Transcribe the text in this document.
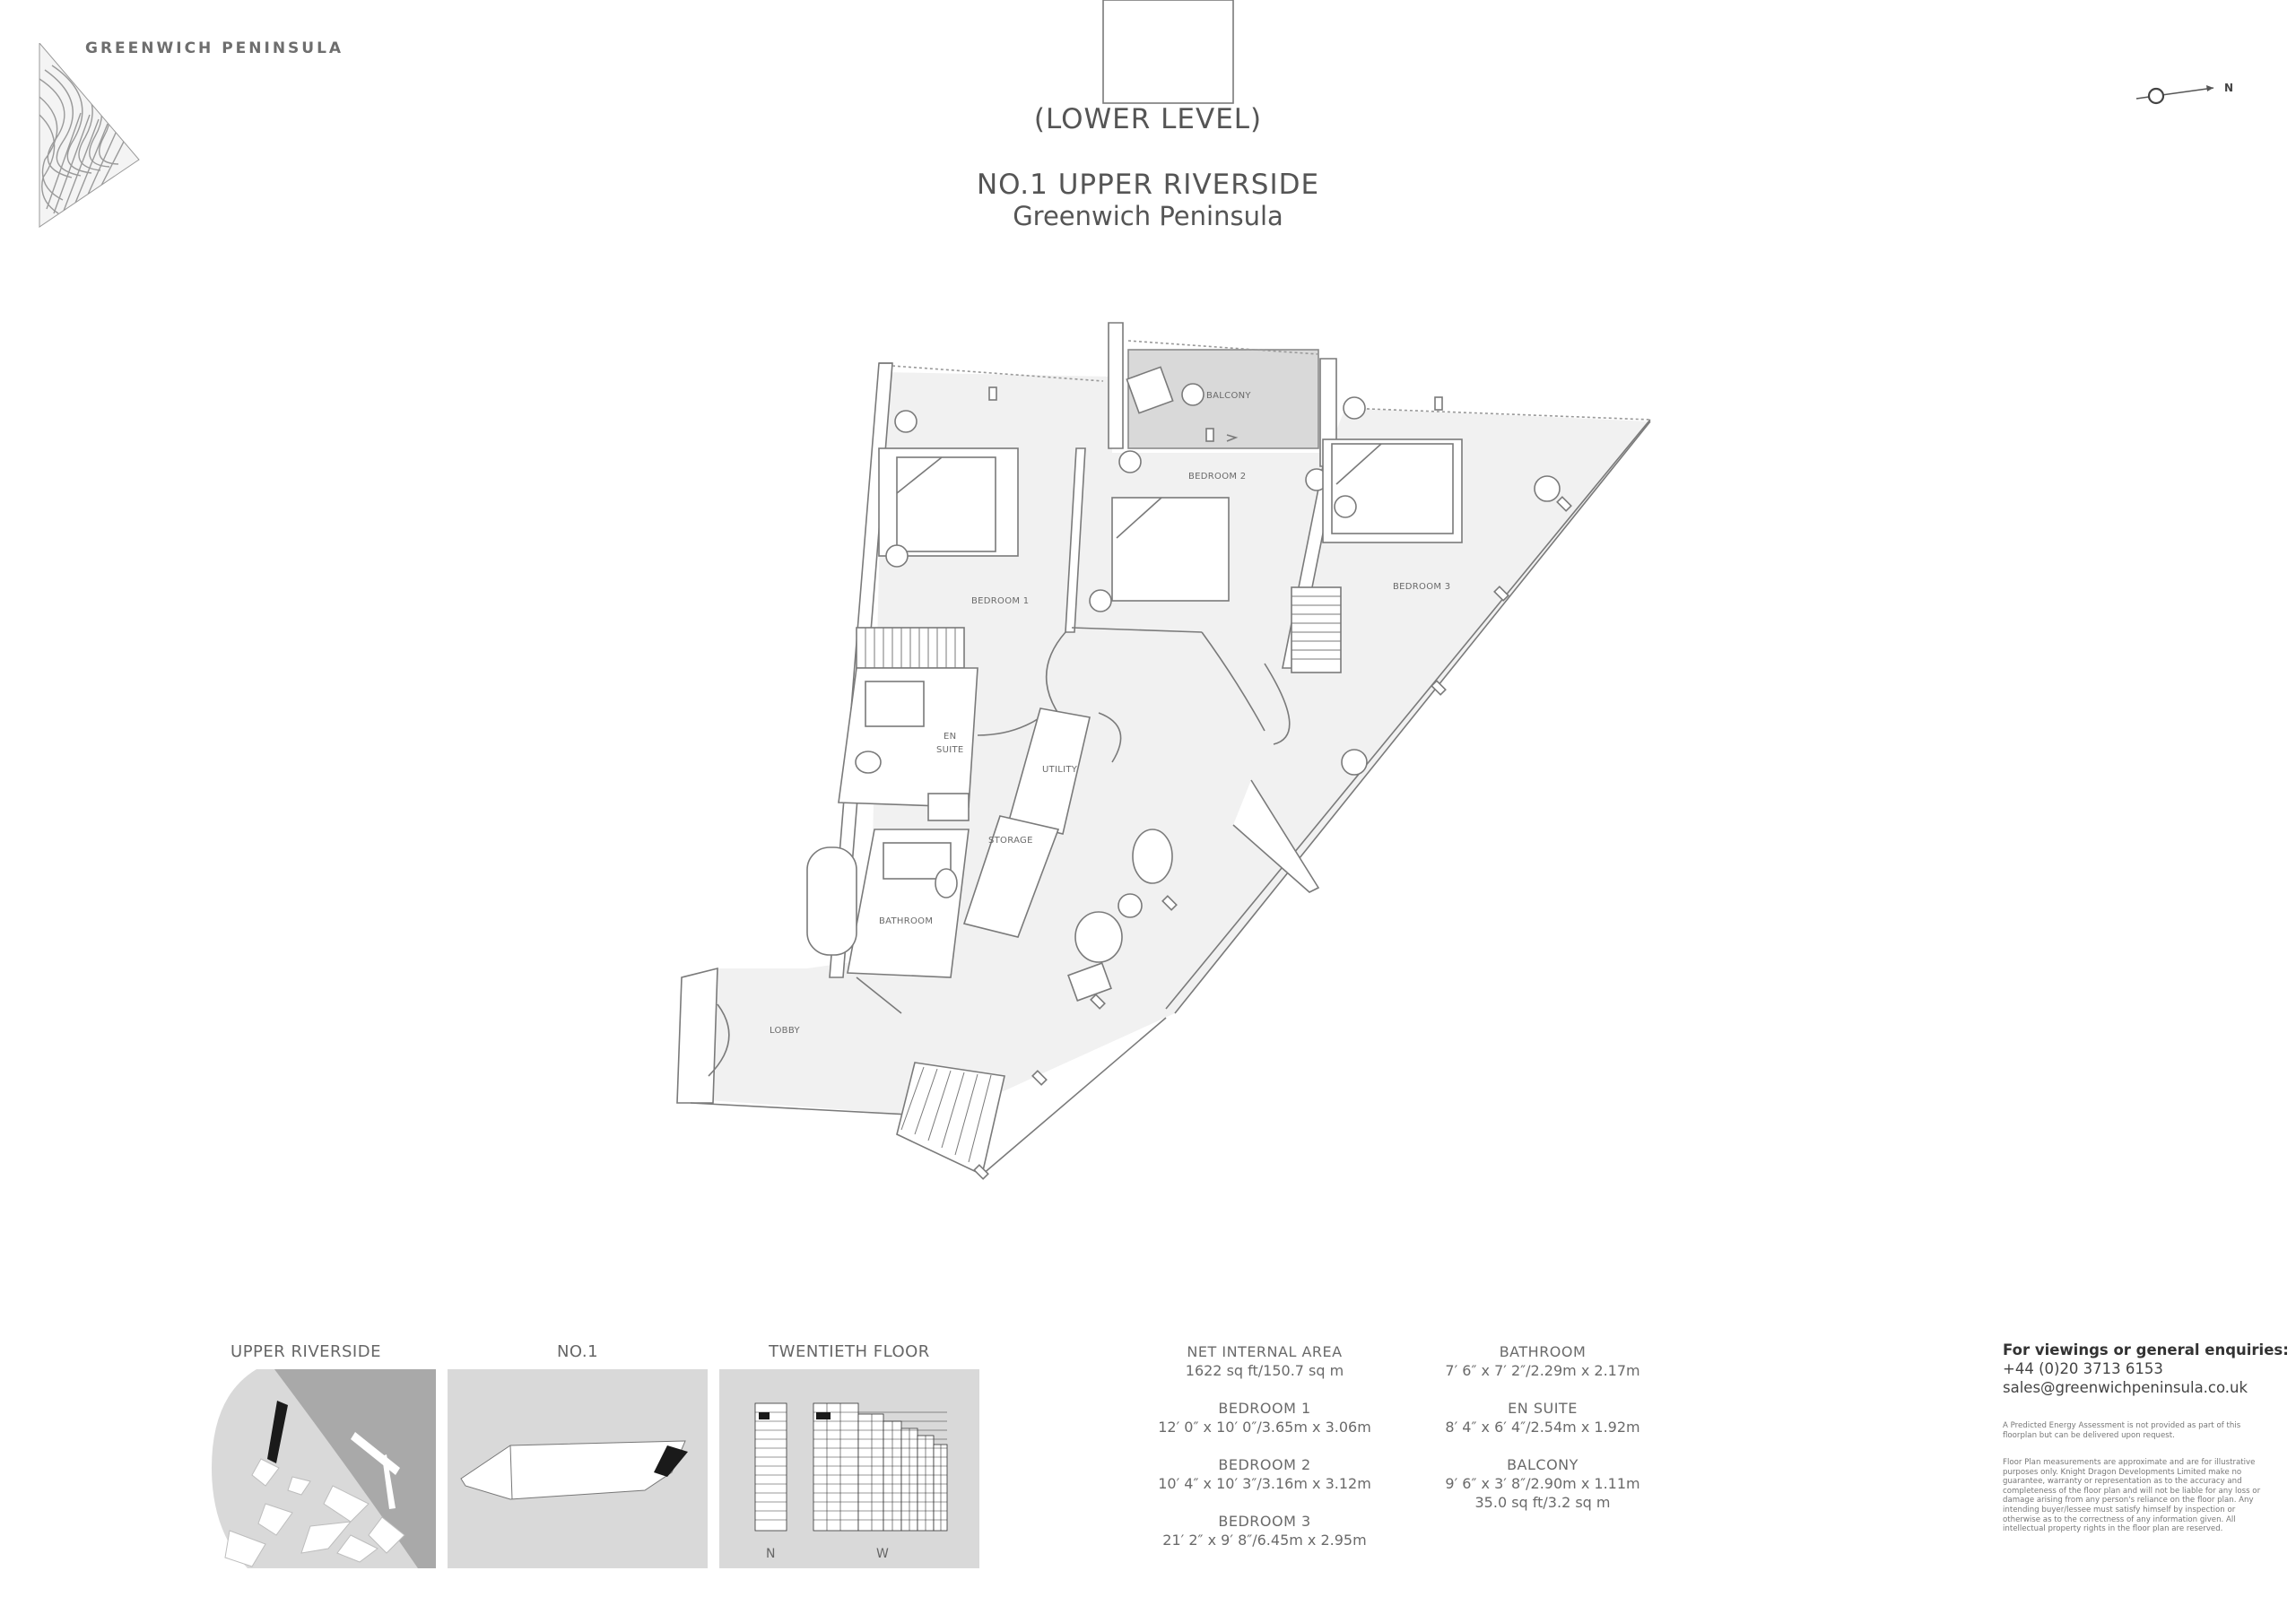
GREENWICH PENINSULA
N
(LOWER LEVEL)
NO.1 UPPER RIVERSIDE
Greenwich Peninsula
BALCONY
BEDROOM 2
BEDROOM 1
BEDROOM 3
EN
SUITE
UTILITY
STORAGE
BATHROOM
LOBBY
UPPER RIVERSIDE	NO.1	TWENTIETH FLOOR
N	W
NET INTERNAL AREA
1622 sq ft/150.7 sq m
BEDROOM 1
12′ 0″ x 10′ 0″/3.65m x 3.06m
BEDROOM 2
10′ 4″ x 10′ 3″/3.16m x 3.12m
BEDROOM 3
21′ 2″ x 9′ 8″/6.45m x 2.95m
BATHROOM
7′ 6″ x 7′ 2″/2.29m x 2.17m
EN SUITE
8′ 4″ x 6′ 4″/2.54m x 1.92m
BALCONY
9′ 6″ x 3′ 8″/2.90m x 1.11m
35.0 sq ft/3.2 sq m
For viewings or general enquiries:
+44 (0)20 3713 6153
sales@greenwichpeninsula.co.uk
A Predicted Energy Assessment is not provided as part of this floorplan but can be delivered upon request.
Floor Plan measurements are approximate and are for illustrative purposes only. Knight Dragon Developments Limited make no guarantee, warranty or representation as to the accuracy and completeness of the floor plan and will not be liable for any loss or damage arising from any person's reliance on the floor plan. Any intending buyer/lessee must satisfy himself by inspection or otherwise as to the correctness of any information given. All intellectual property rights in the floor plan are reserved.
